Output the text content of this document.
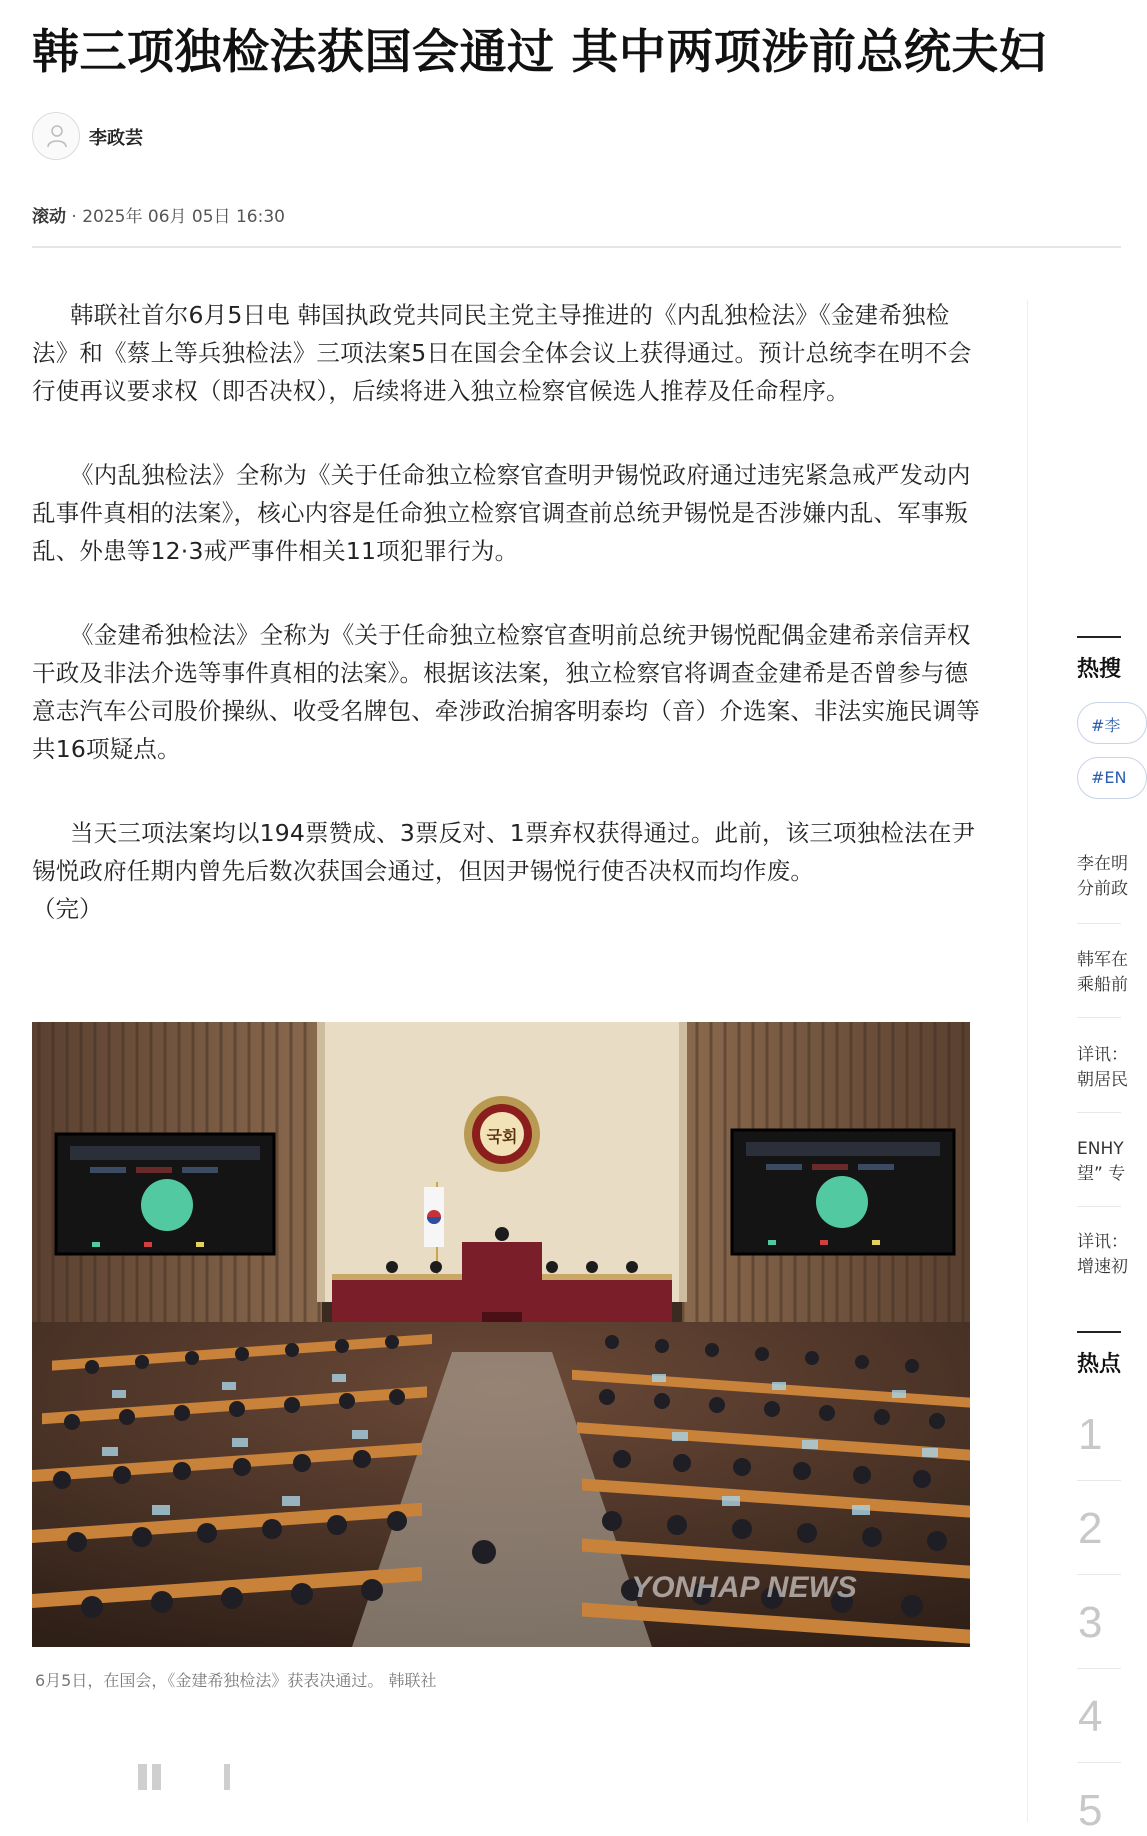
韩三项独检法获国会通过 其中两项涉前总统夫妇
李政芸
滚动 · 2025年 06月 05日 16:30

韩联社首尔6月5日电 韩国执政党共同民主党主导推进的《内乱独检法》《金建希独检法》和《蔡上等兵独检法》三项法案5日在国会全体会议上获得通过。预计总统李在明不会行使再议要求权（即否决权），后续将进入独立检察官候选人推荐及任命程序。

《内乱独检法》全称为《关于任命独立检察官查明尹锡悦政府通过违宪紧急戒严发动内乱事件真相的法案》，核心内容是任命独立检察官调查前总统尹锡悦是否涉嫌内乱、军事叛乱、外患等12·3戒严事件相关11项犯罪行为。

《金建希独检法》全称为《关于任命独立检察官查明前总统尹锡悦配偶金建希亲信弄权干政及非法介选等事件真相的法案》。根据该法案，独立检察官将调查金建希是否曾参与德意志汽车公司股价操纵、收受名牌包、牵涉政治掮客明泰均（音）介选案、非法实施民调等共16项疑点。

当天三项法案均以194票赞成、3票反对、1票弃权获得通过。此前，该三项独检法在尹锡悦政府任期内曾先后数次获国会通过，但因尹锡悦行使否决权而均作废。

（完）

국회
YONHAP NEWS
6月5日，在国会，《金建希独检法》获表决通过。 韩联社
热搜
#李
#EN
李在明
分前政
韩军在
乘船前
详讯：
朝居民
ENHY
望” 专
详讯：
增速初
热点
1
2
3
4
5
